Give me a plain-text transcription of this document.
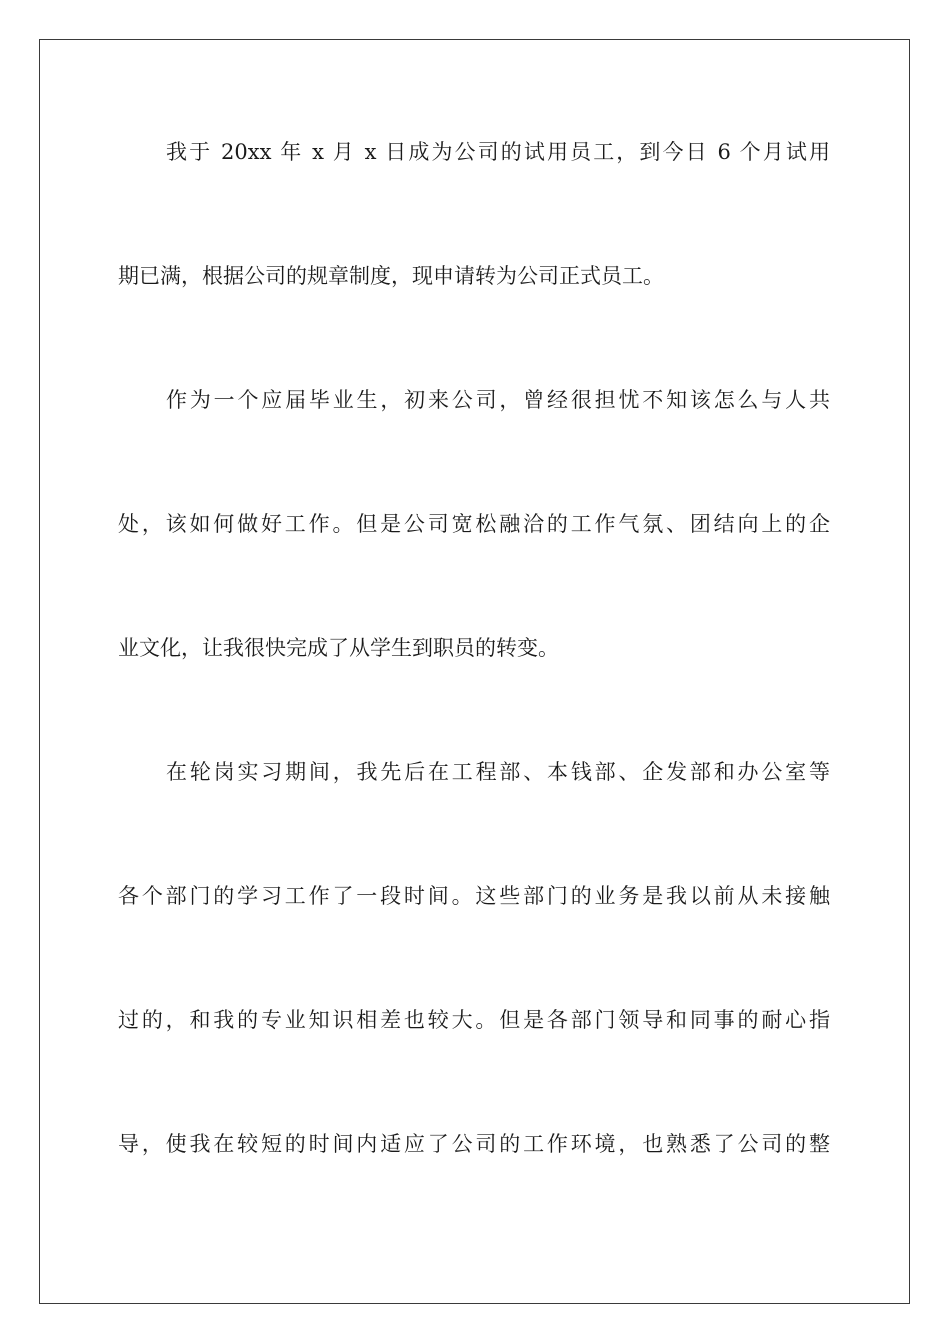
我于 20xx 年 x 月 x 日成为公司的试用员工，到今日 6 个月试用
期已满，根据公司的规章制度，现申请转为公司正式员工。
作为一个应届毕业生，初来公司，曾经很担忧不知该怎么与人共
处，该如何做好工作。但是公司宽松融洽的工作气氛、团结向上的企
业文化，让我很快完成了从学生到职员的转变。
在轮岗实习期间，我先后在工程部、本钱部、企发部和办公室等
各个部门的学习工作了一段时间。这些部门的业务是我以前从未接触
过的，和我的专业知识相差也较大。但是各部门领导和同事的耐心指
导，使我在较短的时间内适应了公司的工作环境，也熟悉了公司的整
